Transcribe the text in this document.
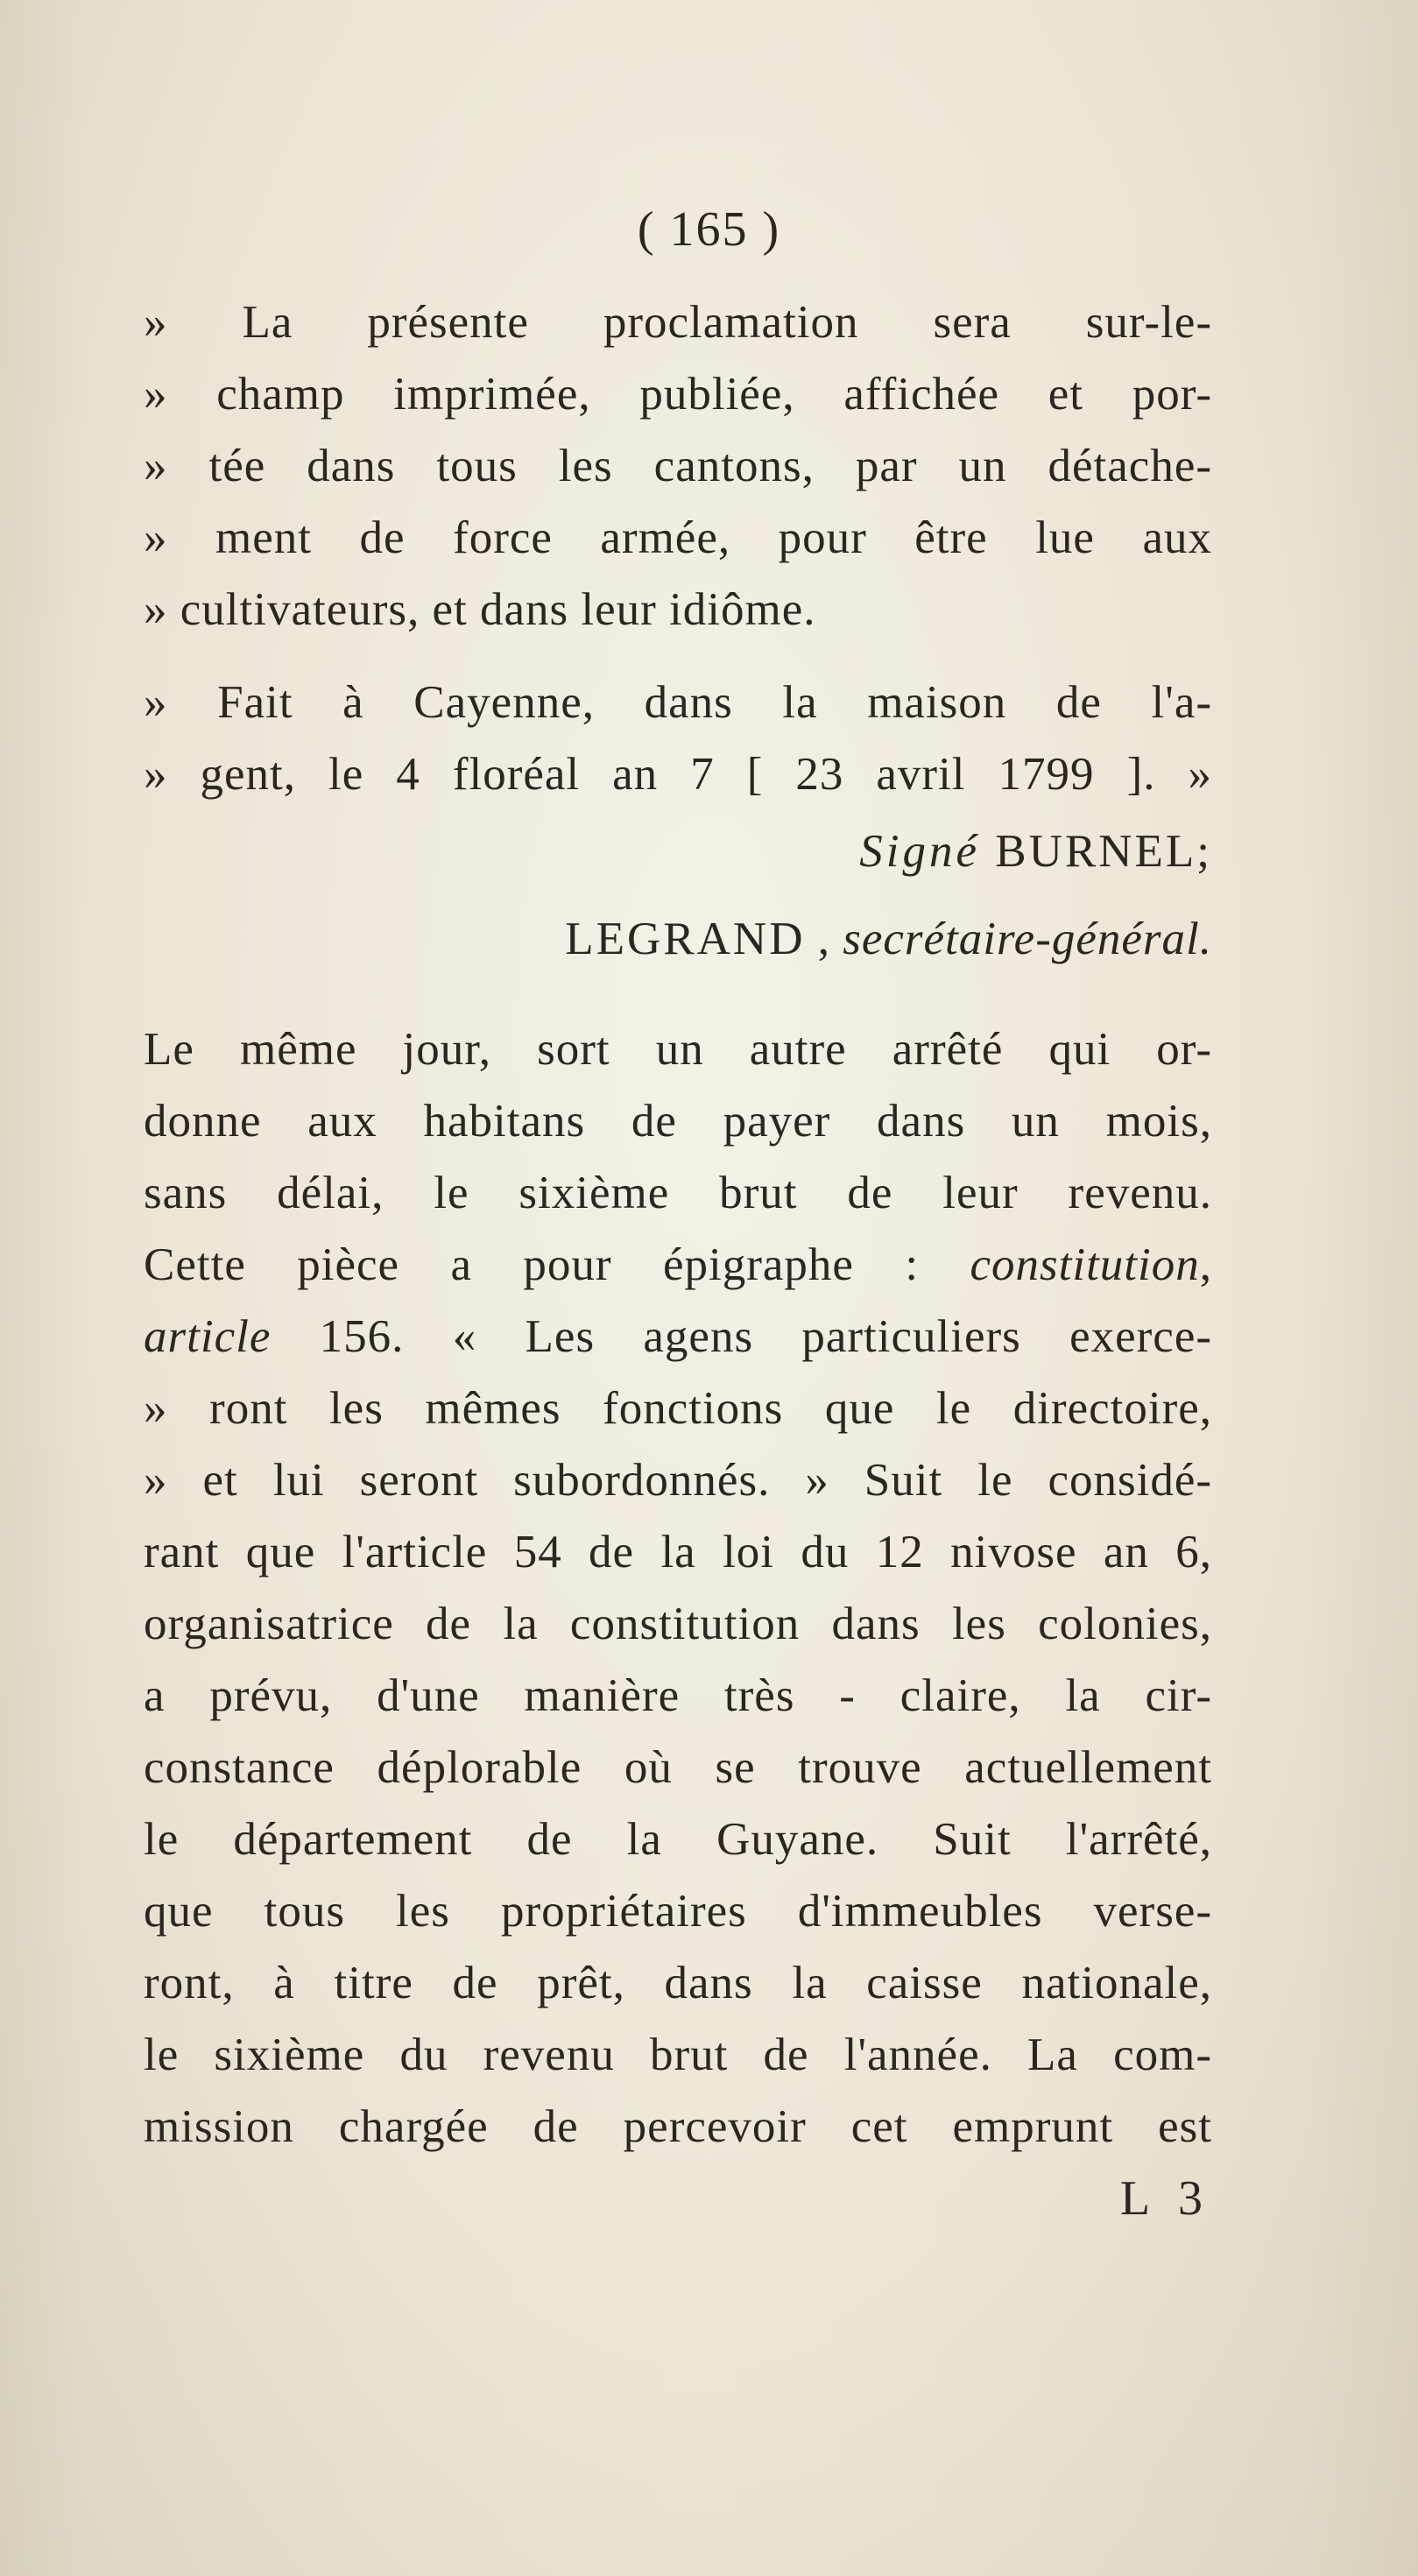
( 165 )
» La présente proclamation sera sur-le-
» champ imprimée, publiée, affichée et por-
» tée dans tous les cantons, par un détache-
» ment de force armée, pour être lue aux
» cultivateurs, et dans leur idiôme.
» Fait à Cayenne, dans la maison de l'a-
» gent, le 4 floréal an 7 [ 23 avril 1799 ]. »
Signé BURNEL;
LEGRAND , secrétaire-général.
Le même jour, sort un autre arrêté qui or-
donne aux habitans de payer dans un mois,
sans délai, le sixième brut de leur revenu.
Cette pièce a pour épigraphe : constitution,
article 156. « Les agens particuliers exerce-
» ront les mêmes fonctions que le directoire,
» et lui seront subordonnés. » Suit le considé-
rant que l'article 54 de la loi du 12 nivose an 6,
organisatrice de la constitution dans les colonies,
a prévu, d'une manière très - claire, la cir-
constance déplorable où se trouve actuellement
le département de la Guyane. Suit l'arrêté,
que tous les propriétaires d'immeubles verse-
ront, à titre de prêt, dans la caisse nationale,
le sixième du revenu brut de l'année. La com-
mission chargée de percevoir cet emprunt est
L 3
